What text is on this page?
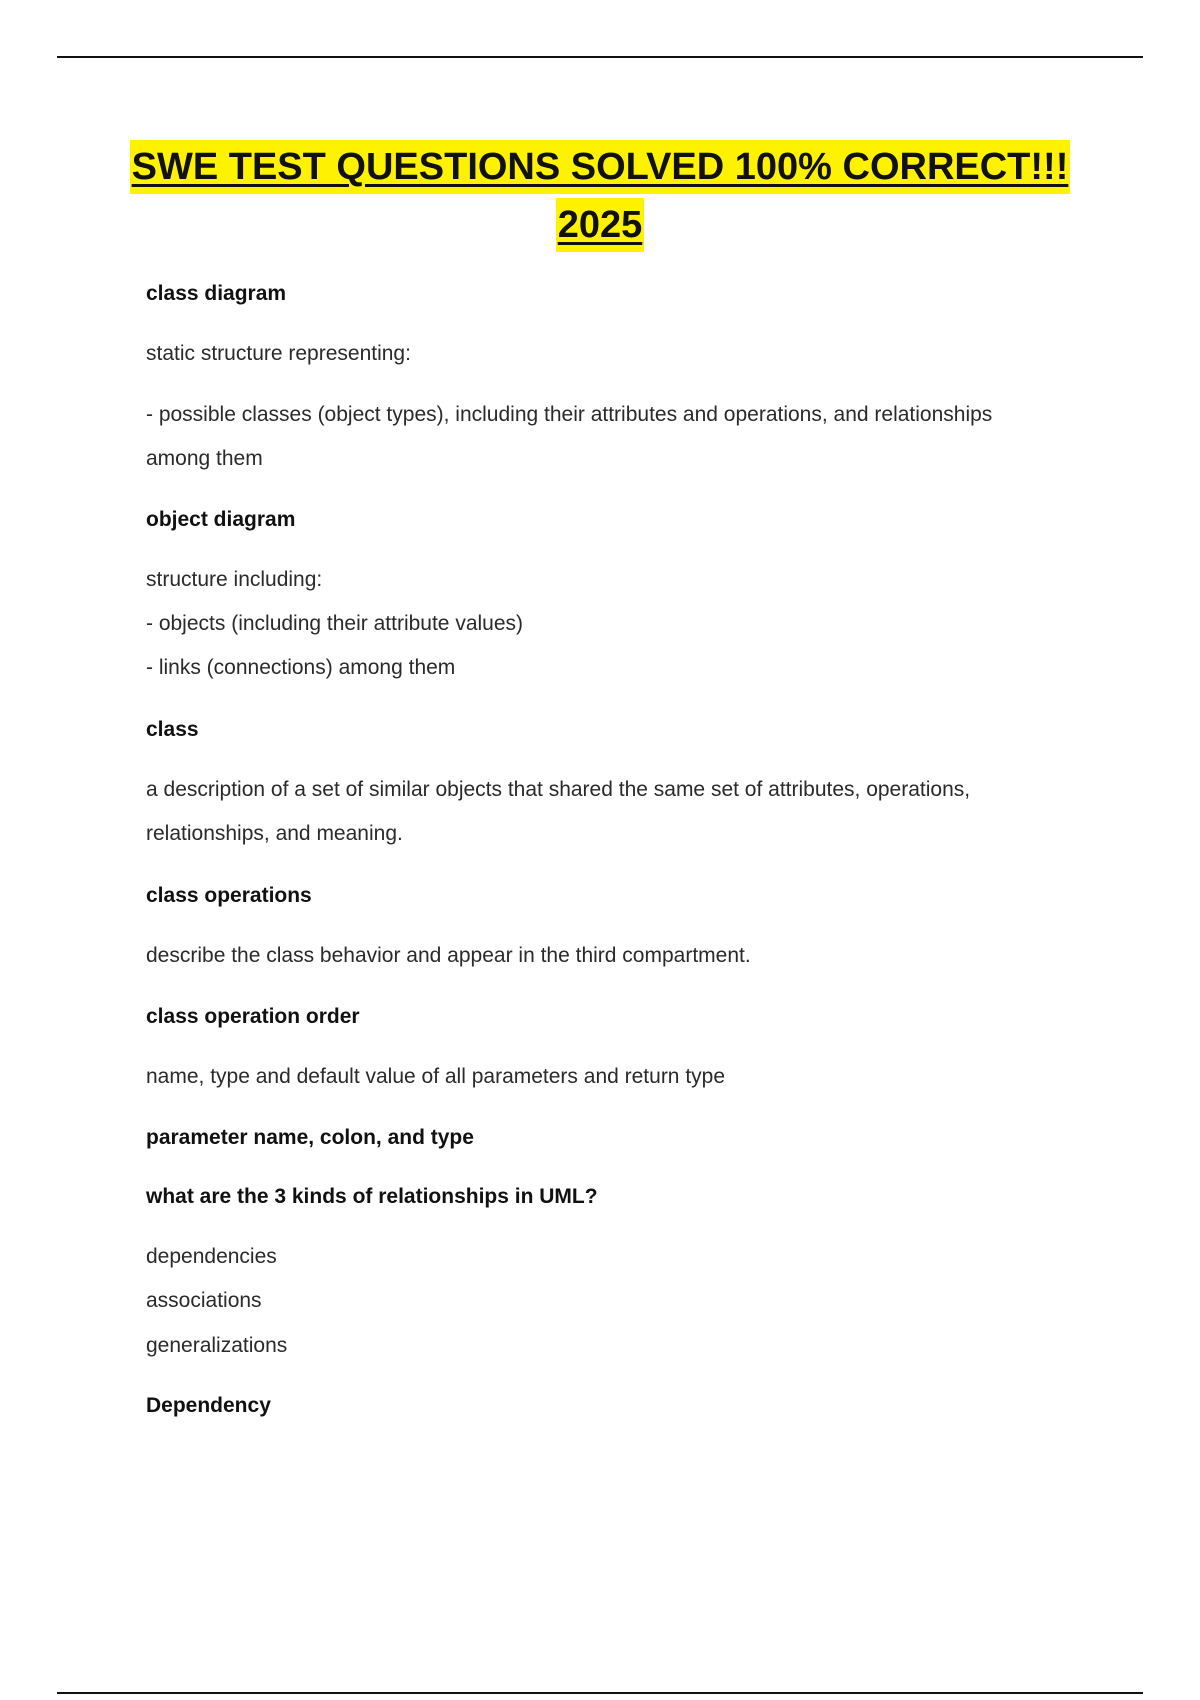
SWE TEST QUESTIONS SOLVED 100% CORRECT!!!
2025
class diagram
static structure representing:
- possible classes (object types), including their attributes and operations, and relationships
among them
object diagram
structure including:
- objects (including their attribute values)
- links (connections) among them
class
a description of a set of similar objects that shared the same set of attributes, operations,
relationships, and meaning.
class operations
describe the class behavior and appear in the third compartment.
class operation order
name, type and default value of all parameters and return type
parameter name, colon, and type
what are the 3 kinds of relationships in UML?
dependencies
associations
generalizations
Dependency
